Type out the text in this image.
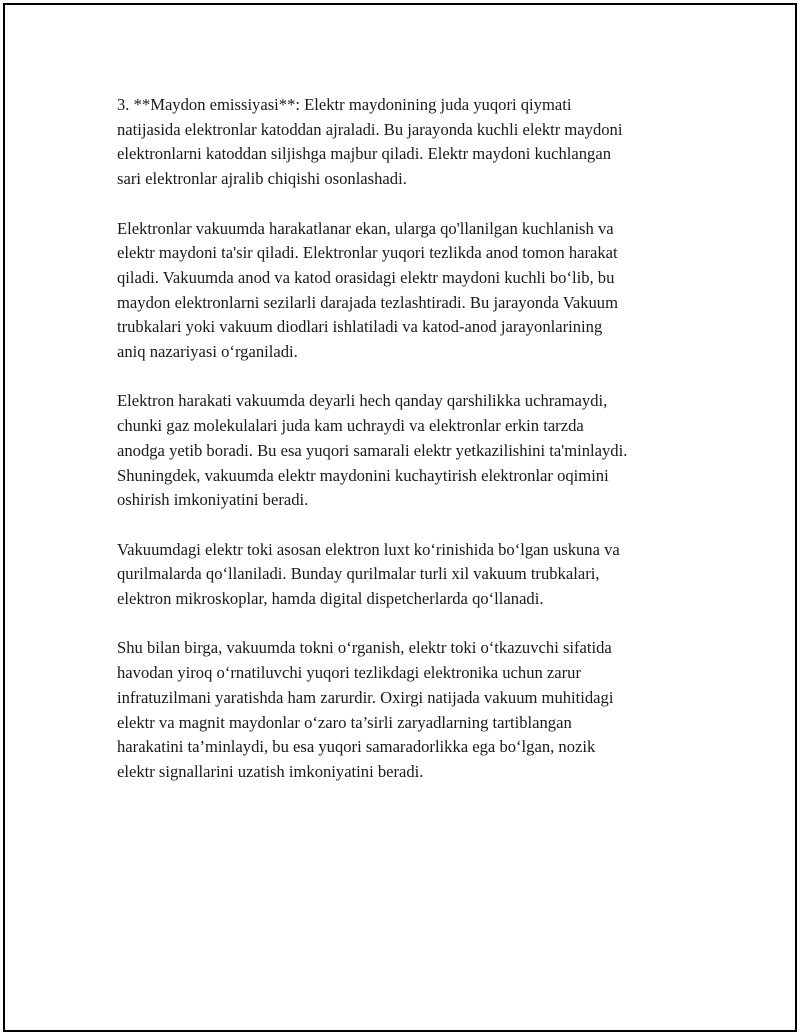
3. **Maydon emissiyasi**: Elektr maydonining juda yuqori qiymati
natijasida elektronlar katoddan ajraladi. Bu jarayonda kuchli elektr maydoni
elektronlarni katoddan siljishga majbur qiladi. Elektr maydoni kuchlangan
sari elektronlar ajralib chiqishi osonlashadi.

Elektronlar vakuumda harakatlanar ekan, ularga qo'llanilgan kuchlanish va
elektr maydoni ta'sir qiladi. Elektronlar yuqori tezlikda anod tomon harakat
qiladi. Vakuumda anod va katod orasidagi elektr maydoni kuchli bo‘lib, bu
maydon elektronlarni sezilarli darajada tezlashtiradi. Bu jarayonda Vakuum
trubkalari yoki vakuum diodlari ishlatiladi va katod-anod jarayonlarining
aniq nazariyasi o‘rganiladi.

Elektron harakati vakuumda deyarli hech qanday qarshilikka uchramaydi,
chunki gaz molekulalari juda kam uchraydi va elektronlar erkin tarzda
anodga yetib boradi. Bu esa yuqori samarali elektr yetkazilishini ta'minlaydi.
Shuningdek, vakuumda elektr maydonini kuchaytirish elektronlar oqimini
oshirish imkoniyatini beradi.

Vakuumdagi elektr toki asosan elektron luxt ko‘rinishida bo‘lgan uskuna va
qurilmalarda qo‘llaniladi. Bunday qurilmalar turli xil vakuum trubkalari,
elektron mikroskoplar, hamda digital dispetcherlarda qo‘llanadi.

Shu bilan birga, vakuumda tokni o‘rganish, elektr toki o‘tkazuvchi sifatida
havodan yiroq o‘rnatiluvchi yuqori tezlikdagi elektronika uchun zarur
infratuzilmani yaratishda ham zarurdir. Oxirgi natijada vakuum muhitidagi
elektr va magnit maydonlar o‘zaro ta’sirli zaryadlarning tartiblangan
harakatini ta’minlaydi, bu esa yuqori samaradorlikka ega bo‘lgan, nozik
elektr signallarini uzatish imkoniyatini beradi.
